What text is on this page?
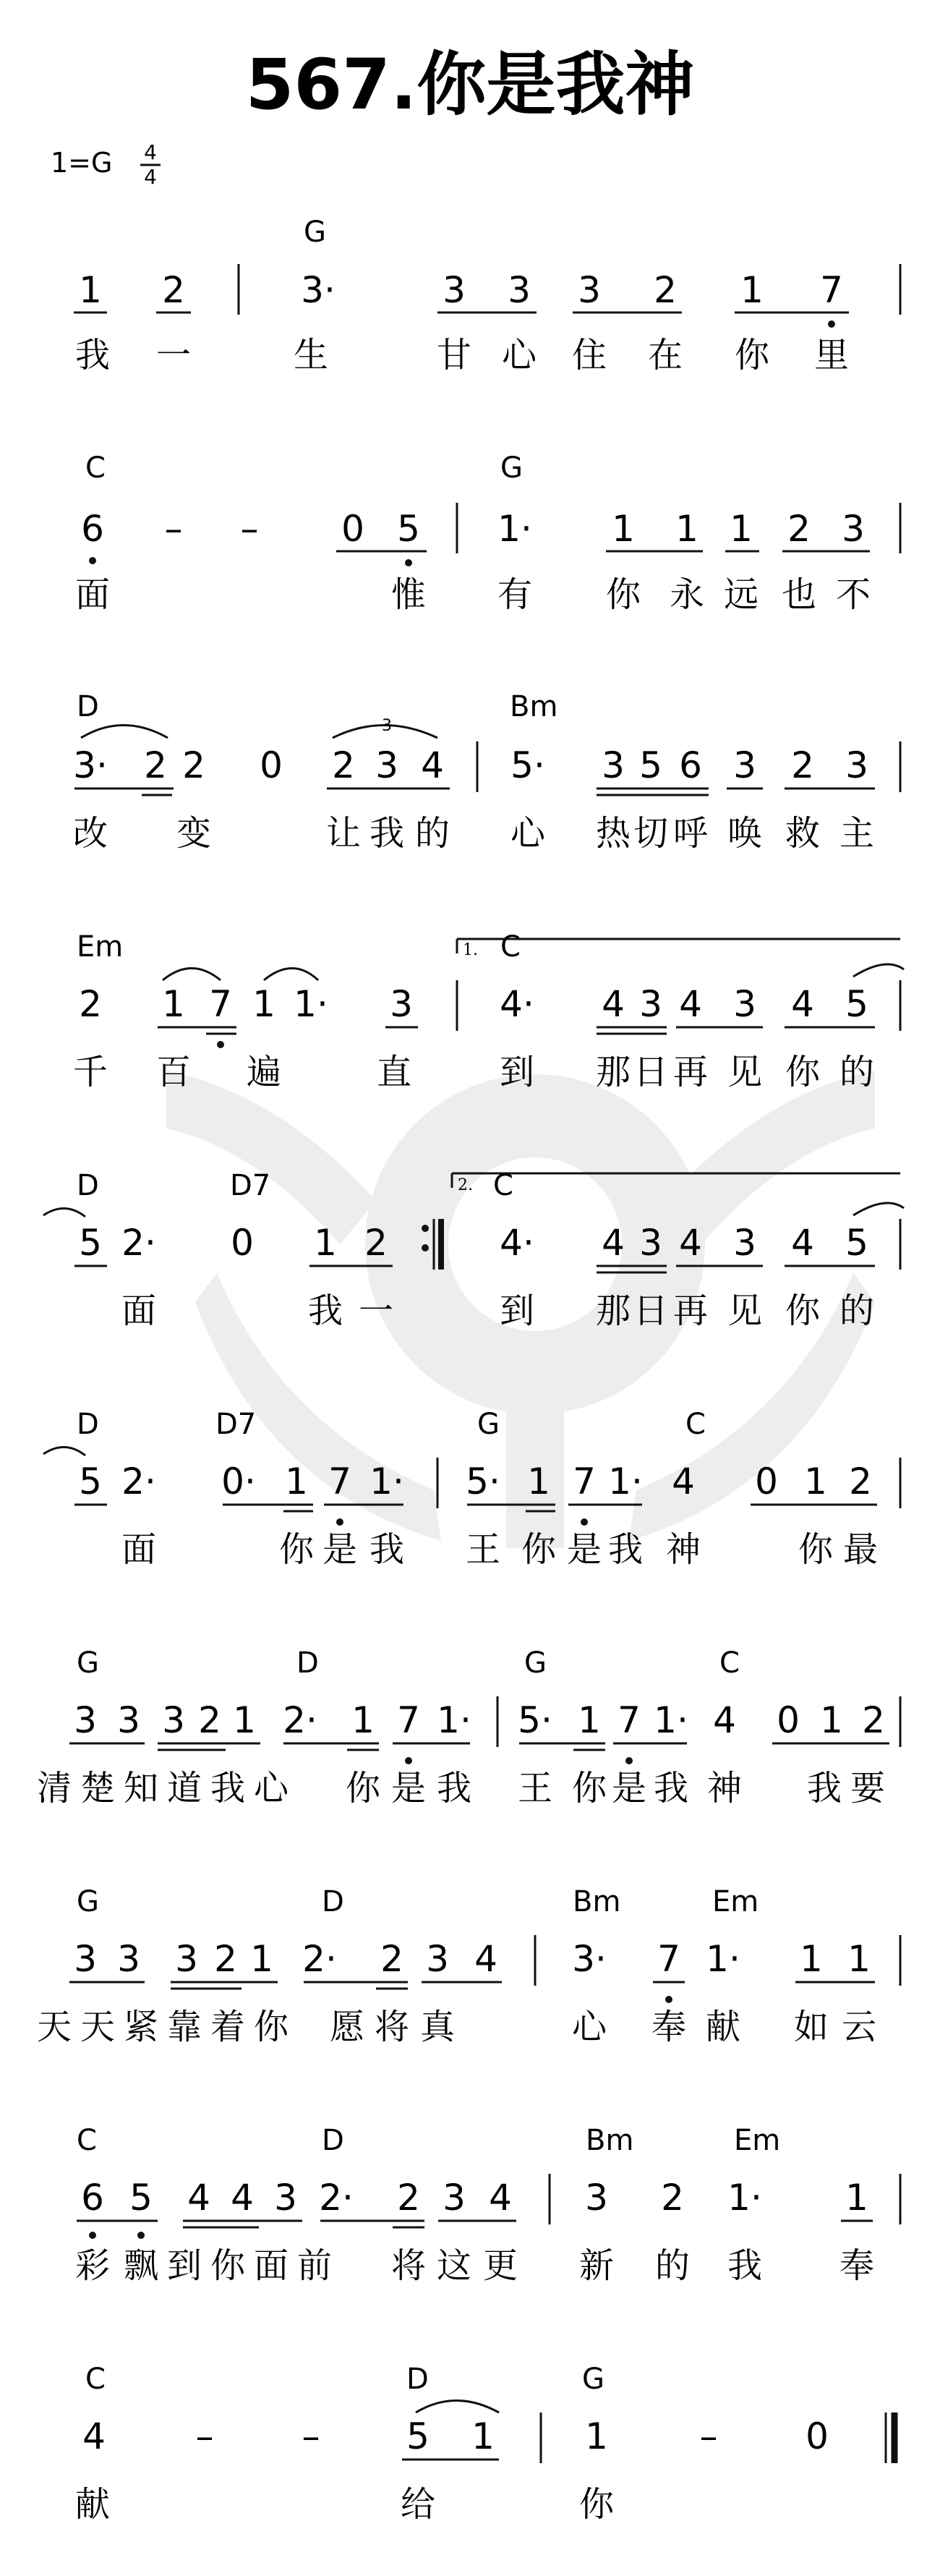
567.你是我神
1=G 4
4
G
1 2	3·	3 3 3 2 1 7
我 一	生	甘 心 住 在 你 里
C	G
6 – – 0 5 1· 1 1 1 2 3
面	惟 有 你 永 远 也 不
D	Bm
3
3· 2 2 0 2 3 4 5· 3 5 6 3 2 3
改 变	让 我 的 心 热 切 呼 唤 救 主
Em	1. C
2 1 7 1 1· 3 4· 4 3 4 3 4 5
千 百 遍	直	到 那 日 再 见 你 的
D	D7	2. C
5 2· 0 1 2	4· 4 3 4 3 4 5
面	我 一	到 那 日 再 见 你 的
D	D7	G	C
5 2· 0· 1 7 1· 5· 1 7 1· 4 0 1 2
面	你 是 我 王 你 是 我 神	你 最
G	D	G	C
3 3 3 2 1 2· 1 7 1· 5· 1 7 1· 4 0 1 2
清 楚 知 道 我 心 你 是 我 王 你 是 我 神 我 要
G	D	Bm	Em
3 3 3 2 1 2· 2 3 4 3· 7 1· 1 1
天 天 紧 靠 着 你 愿 将 真	心 奉 献 如 云
C	D	Bm	Em
6 5 4 4 3 2· 2 3 4 3 2 1· 1
彩 飘 到 你 面 前 将 这 更 新 的 我 奉
C	D	G
4 – – 5 1	1	– 0
献	给	你
